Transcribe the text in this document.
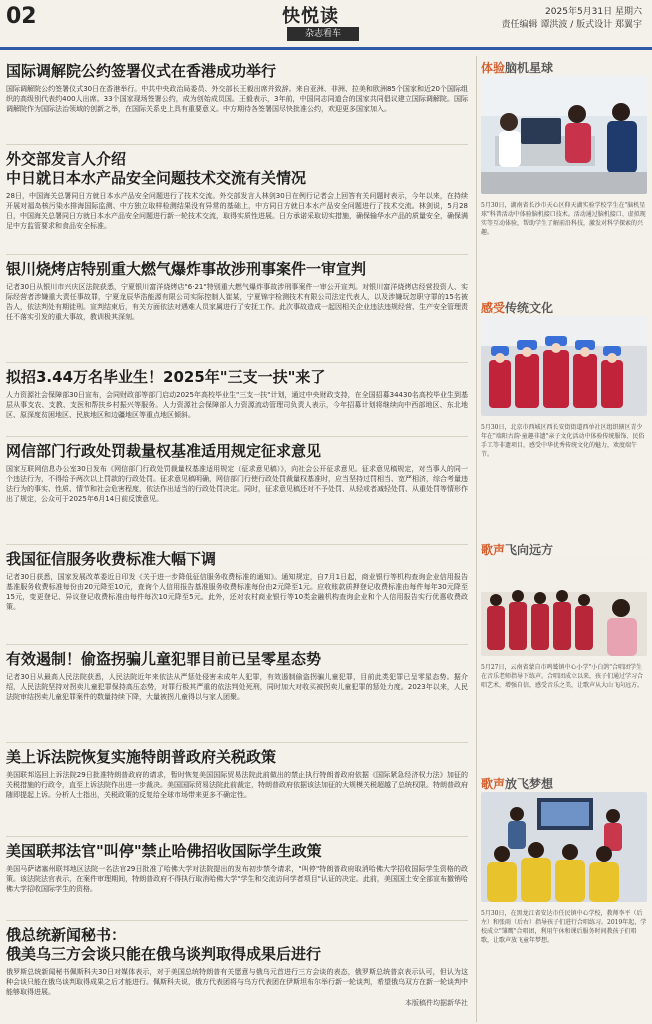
02	快悦读
杂志看车
2025年5月31日 星期六
责任编辑 谭洪波 / 版式设计 郑翼宇
国际调解院公约签署仪式在香港成功举行

国际调解院公约签署仪式30日在香港举行。中共中央政治局委员、外交部长王毅出席并致辞。来自亚洲、非洲、拉美和欧洲85个国家和近20个国际组织的高级别代表约400人出席。33个国家现场签署公约，成为创始成员国。王毅表示，3年前，中国同志同道合的国家共同倡议建立国际调解院。国际调解院作为国际法治领域的创新之举，在国际关系史上具有重要意义。中方期待各签署国尽快批准公约，欢迎更多国家加入。

外交部发言人介绍
中日就日本水产品安全问题技术交流有关情况

28日，中国海关总署同日方就日本水产品安全问题进行了技术交流。外交部发言人林剑30日在例行记者会上回答有关问题时表示，今年以来，在持续开展对福岛核污染水排海国际监测、中方独立取样检测结果没有异常的基础上，中方同日方就日本水产品安全问题进行了技术交流。林剑说，5月28日，中国海关总署同日方就日本水产品安全问题进行新一轮技术交流，取得实质性进展。日方承诺采取切实措施，确保输华水产品的质量安全，确保满足中方监管要求和食品安全标准。

银川烧烤店特别重大燃气爆炸事故涉刑事案件一审宣判

记者30日从银川市兴庆区法院获悉，宁夏银川富洋烧烤店"6·21"特别重大燃气爆炸事故涉刑事案件一审公开宣判。对银川富洋烧烤店经营投资人、实际经营者涉嫌重大责任事故罪，宁夏龙辰华浩能源有限公司实际控制人崔某，宁夏锦宇检测技术有限公司法定代表人，以及涉嫌玩忽职守罪的15名被告人，依法判处有期徒刑。宣判结束后，有关方面依法对遇难人员家属进行了安抚工作。此次事故造成一起因相关企业违法违规经营、生产安全管理责任不落实引发的重大事故，教训极其深刻。

拟招3.44万名毕业生！2025年"三支一扶"来了

人力资源社会保障部30日宣布，会同财政部等部门启动2025年高校毕业生"三支一扶"计划，通过中央财政支持，在全国招募34430名高校毕业生到基层从事支农、支教、支医和帮扶乡村振兴等服务。人力资源社会保障部人力资源流动管理司负责人表示，今年招募计划将继续向中西部地区、东北地区、原深度贫困地区、民族地区和边疆地区等重点地区倾斜。

网信部门行政处罚裁量权基准适用规定征求意见

国家互联网信息办公室30日发布《网信部门行政处罚裁量权基准适用规定（征求意见稿）》，向社会公开征求意见。征求意见稿规定，对当事人的同一个违法行为，不得给予两次以上罚款的行政处罚。征求意见稿明确，网信部门行使行政处罚裁量权基准时，应当坚持过罚相当、宽严相济，综合考量违法行为的事实、性质、情节和社会危害程度，依法作出适当的行政处罚决定。同时，征求意见稿还对不予处罚、从轻或者减轻处罚、从重处罚等情形作出了规定，公众可于2025年6月14日前反馈意见。

我国征信服务收费标准大幅下调

记者30日获悉，国家发展改革委近日印发《关于进一步降低征信服务收费标准的通知》。通知规定，自7月1日起，商业银行等机构查询企业信用报告基准服务收费标准每份由20元降至10元，查询个人信用报告基准服务收费标准每份由2元降至1元。应收账款质押登记收费标准由每件每年30元降至15元，变更登记、异议登记收费标准由每件每次10元降至5元。此外，还对农村商业银行等10类金融机构查询企业和个人信用报告实行优惠收费政策。

有效遏制！偷盗拐骗儿童犯罪目前已呈零星态势

记者30日从最高人民法院获悉，人民法院近年来依法从严惩处侵害未成年人犯罪，有效遏制偷盗拐骗儿童犯罪，目前此类犯罪已呈零星态势。据介绍，人民法院坚持对拐卖儿童犯罪保持高压态势，对罪行极其严重的依法判处死刑，同时加大对收买被拐卖儿童犯罪的惩处力度。2023年以来，人民法院审结拐卖儿童犯罪案件的数量持续下降，大量被拐儿童得以与家人团聚。

美上诉法院恢复实施特朗普政府关税政策

美国联邦巡回上诉法院29日批准特朗普政府的请求，暂时恢复美国国际贸易法院此前做出的禁止执行特朗普政府依据《国际紧急经济权力法》加征的关税措施的行政令，直至上诉法院作出进一步裁决。美国国际贸易法院此前裁定，特朗普政府依据该法加征的大规模关税超越了总统权限。特朗普政府随即提起上诉。分析人士指出，关税政策的反复给全球市场带来更多不确定性。

美国联邦法官"叫停"禁止哈佛招收国际学生政策

美国马萨诸塞州联邦地区法院一名法官29日批准了哈佛大学对法院提出的发布初步禁令请求，"叫停"特朗普政府取消哈佛大学招收国际学生资格的政策。该法院法官表示，在案件审理期间，特朗普政府不得执行取消哈佛大学"学生和交流访问学者项目"认证的决定。此前，美国国土安全部宣布撤销哈佛大学招收国际学生的资格。

俄总统新闻秘书：
俄美乌三方会谈只能在俄乌谈判取得成果后进行

俄罗斯总统新闻秘书佩斯科夫30日对媒体表示，对于美国总统特朗普有关愿意与俄乌元首进行三方会谈的表态，俄罗斯总统普京表示认可，但认为这种会谈只能在俄乌谈判取得成果之后才能进行。佩斯科夫说，俄方代表团将与乌方代表团在伊斯坦布尔举行新一轮谈判，希望俄乌双方在新一轮谈判中能够取得进展。

本版稿件均据新华社
体验脑机星球
5月30日，湖南省长沙市天心区仰天湖实验学校学生在"脑机星球"科普活动中体验脑机接口技术。活动通过脑机接口、虚拟现实等互动体验，帮助学生了解前沿科技，激发对科学探索的兴趣。
感受传统文化
5月30日，北京市西城区西长安街街道西单社区组织辖区青少年在"端阳古韵·童趣非遗"亲子文化活动中体验传统服饰、民俗手工等非遗项目，感受中华优秀传统文化的魅力，欢度端午节。
歌声飞向远方
5月27日，云南省蒙自市鸣鹫镇中心小学"小白鸽"合唱团学生在音乐老师指导下练声。合唱团成立以来，孩子们通过学习合唱艺术，增强自信，感受音乐之美，让歌声从大山飞向远方。
歌声放飞梦想
5月30日，在黑龙江省安达市任民镇中心学校，教师李平（后左）和张雨（后右）指导孩子们进行合唱练习。2019年起，学校成立"雏鹰"合唱团，利用午休和课后服务时间教孩子们唱歌，让歌声放飞童年梦想。
